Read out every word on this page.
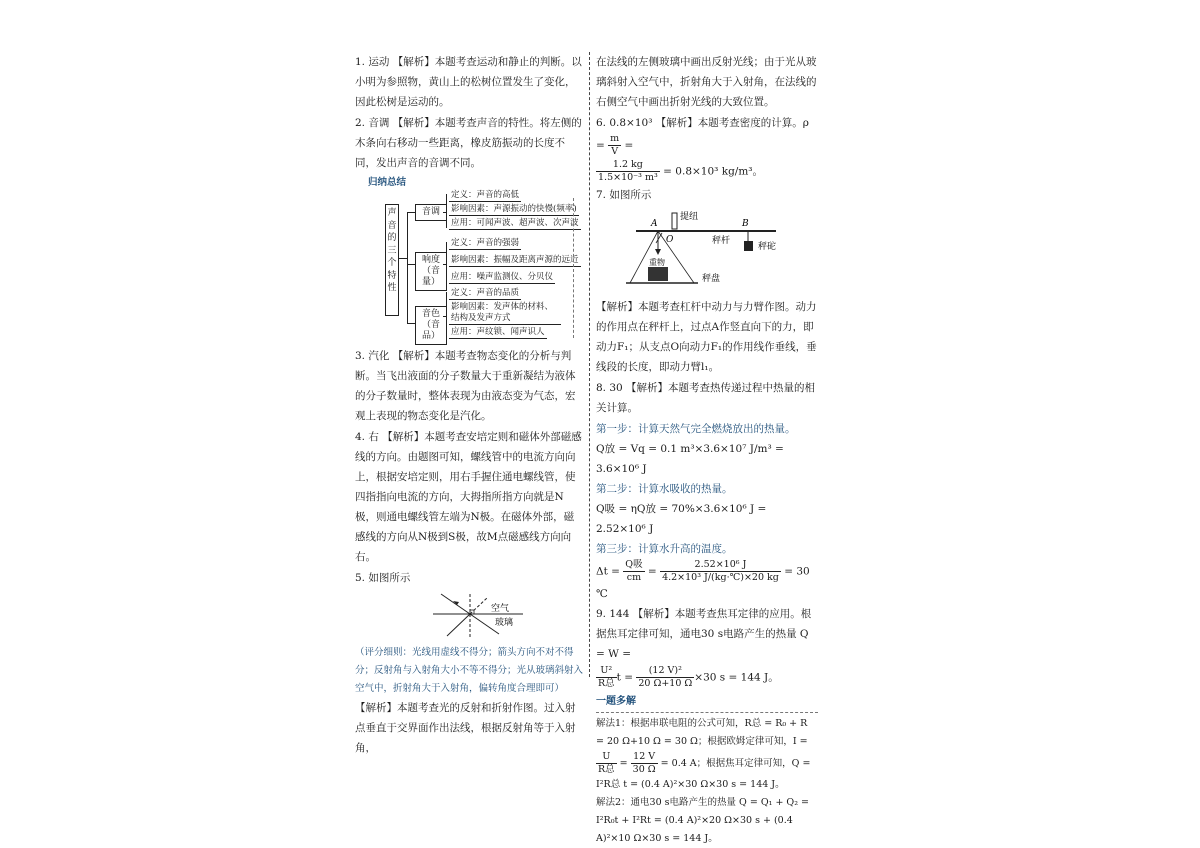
1. 运动 【解析】本题考查运动和静止的判断。以小明为参照物，黄山上的松树位置发生了变化，因此松树是运动的。

2. 音调 【解析】本题考查声音的特性。将左侧的木条向右移动一些距离，橡皮筋振动的长度不同，发出声音的音调不同。

归纳总结

声音的三个特性
音调
响度（音量）
音色（音品）
定义：声音的高低
影响因素：声源振动的快慢(频率)
应用：可闻声波、超声波、次声波
定义：声音的强弱
影响因素：振幅及距离声源的远近
应用：噪声监测仪、分贝仪
定义：声音的品质
影响因素：发声体的材料、结构及发声方式
应用：声纹锁、闻声识人

3. 汽化 【解析】本题考查物态变化的分析与判断。当飞出液面的分子数量大于重新凝结为液体的分子数量时，整体表现为由液态变为气态，宏观上表现的物态变化是汽化。

4. 右 【解析】本题考查安培定则和磁体外部磁感线的方向。由题图可知，螺线管中的电流方向向上，根据安培定则，用右手握住通电螺线管，使四指指向电流的方向，大拇指所指方向就是N极，则通电螺线管左端为N极。在磁体外部，磁感线的方向从N极到S极，故M点磁感线方向向右。

5. 如图所示

空气
玻璃

（评分细则：光线用虚线不得分；箭头方向不对不得分；反射角与入射角大小不等不得分；光从玻璃斜射入空气中，折射角大于入射角，偏转角度合理即可）

【解析】本题考查光的反射和折射作图。过入射点垂直于交界面作出法线，根据反射角等于入射角，

在法线的左侧玻璃中画出反射光线；由于光从玻璃斜射入空气中，折射角大于入射角，在法线的右侧空气中画出折射光线的大致位置。

6. 0.8×10³ 【解析】本题考查密度的计算。$\rho = \frac{m}{V}$ =

$\frac{1.2 kg}{\text{1.5×10⁻³ m³}} = 0.8\times 10^3$ kg/m³。

7. 如图所示

提纽
秤杆
秤砣
秤盘
重物
A	B
O

【解析】本题考查杠杆中动力与力臂作图。动力的作用点在秤杆上，过点A作竖直向下的力，即动力F₁；从支点O向动力F₁的作用线作垂线，垂线段的长度，即动力臂l₁。

8. 30 【解析】本题考查热传递过程中热量的相关计算。

第一步：计算天然气完全燃烧放出的热量。

Q放 = Vq = 0.1 m³×3.6×10⁷ J/m³ = 3.6×10⁶ J

第二步：计算水吸收的热量。

Q吸 = ηQ放 = 70%×3.6×10⁶ J = 2.52×10⁶ J

第三步：计算水升高的温度。

$\Delta t = \frac{\text{Q吸}}{cm} = \frac{\text{2.52×10⁶ J}}{\text{4.2×10³ J/(kg·℃)×20 kg}} = 30$ ℃

9. 144 【解析】本题考查焦耳定律的应用。根据焦耳定律可知，通电30 s电路产生的热量 Q = W =

$\frac{\text{U²}}{\text{R总}}$ $t = \frac{\text{(12 V)²}}{20 \Omega+10 \Omega} \times 30$ s = 144 J。

一题多解

解法1：根据串联电阻的公式可知，R总 = R₀ + R = 20 Ω+10 Ω = 30 Ω；根据欧姆定律可知，I =

$\frac{U}{\text{R总}} = \frac{12 V}{30 \Omega} = 0.4$ A；根据焦耳定律可知，Q =

I²R总 t = (0.4 A)²×30 Ω×30 s = 144 J。

解法2：通电30 s电路产生的热量 Q = Q₁ + Q₂ = I²R₀t + I²Rt = (0.4 A)²×20 Ω×30 s + (0.4 A)²×10 Ω×30 s = 144 J。
